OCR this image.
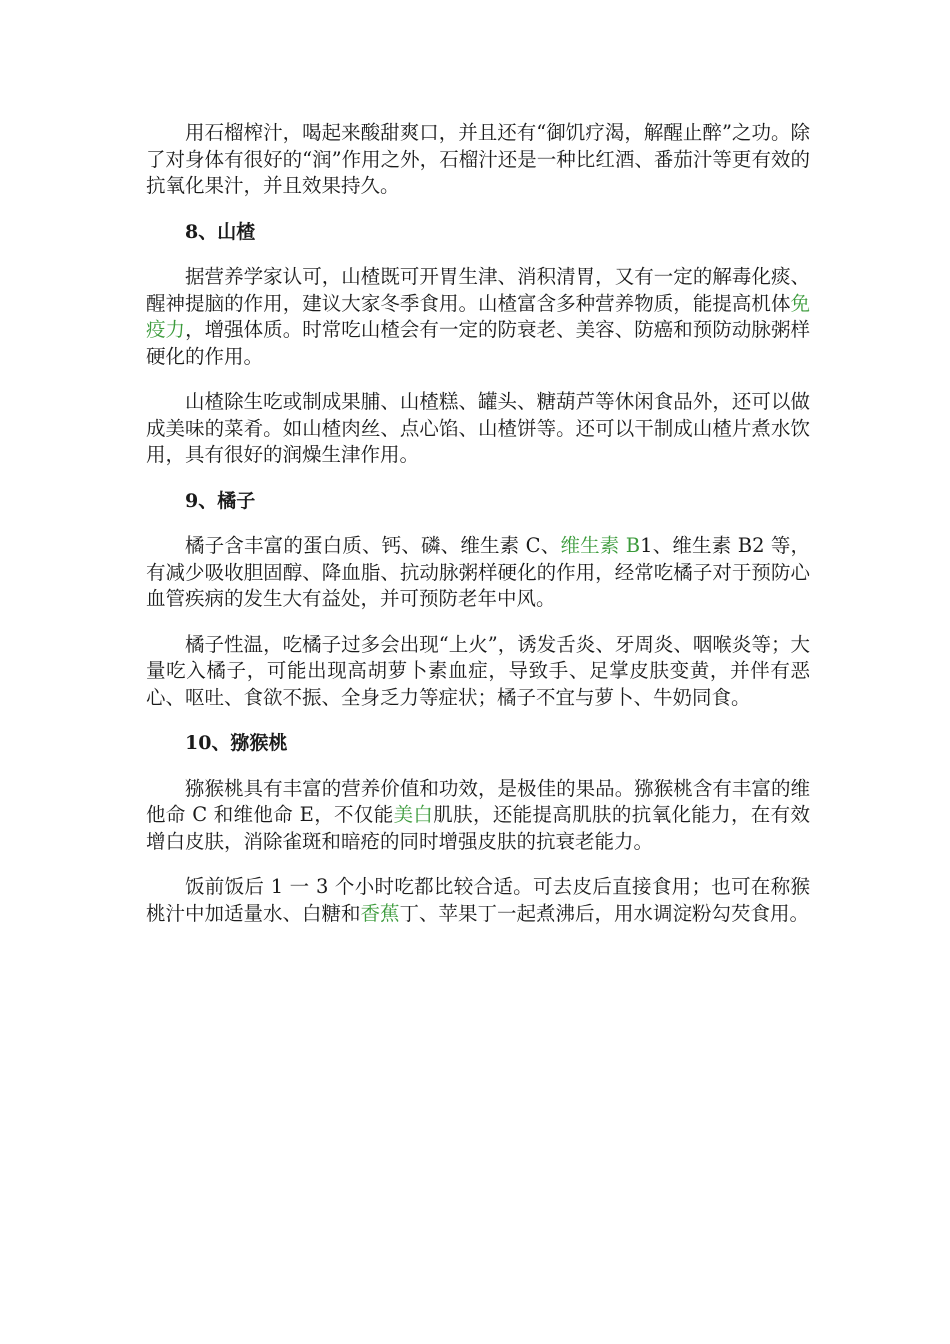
用石榴榨汁，喝起来酸甜爽口，并且还有“御饥疗渴，解醒止醉”之功。除了对身体有很好的“润”作用之外，石榴汁还是一种比红酒、番茄汁等更有效的抗氧化果汁，并且效果持久。

8、山楂

据营养学家认可，山楂既可开胃生津、消积清胃，又有一定的解毒化痰、醒神提脑的作用，建议大家冬季食用。山楂富含多种营养物质，能提高机体免疫力，增强体质。时常吃山楂会有一定的防衰老、美容、防癌和预防动脉粥样硬化的作用。

山楂除生吃或制成果脯、山楂糕、罐头、糖葫芦等休闲食品外，还可以做成美味的菜肴。如山楂肉丝、点心馅、山楂饼等。还可以干制成山楂片煮水饮用，具有很好的润燥生津作用。

9、橘子

橘子含丰富的蛋白质、钙、磷、维生素 C、维生素 B1、维生素 B2 等，有减少吸收胆固醇、降血脂、抗动脉粥样硬化的作用，经常吃橘子对于预防心血管疾病的发生大有益处，并可预防老年中风。

橘子性温，吃橘子过多会出现“上火”，诱发舌炎、牙周炎、咽喉炎等；大量吃入橘子，可能出现高胡萝卜素血症，导致手、足掌皮肤变黄，并伴有恶心、呕吐、食欲不振、全身乏力等症状；橘子不宜与萝卜、牛奶同食。

10、猕猴桃

猕猴桃具有丰富的营养价值和功效，是极佳的果品。猕猴桃含有丰富的维他命 C 和维他命 E，不仅能美白肌肤，还能提高肌肤的抗氧化能力，在有效增白皮肤，消除雀斑和暗疮的同时增强皮肤的抗衰老能力。

饭前饭后 1 一 3 个小时吃都比较合适。可去皮后直接食用；也可在称猴桃汁中加适量水、白糖和香蕉丁、苹果丁一起煮沸后，用水调淀粉勾芡食用。
